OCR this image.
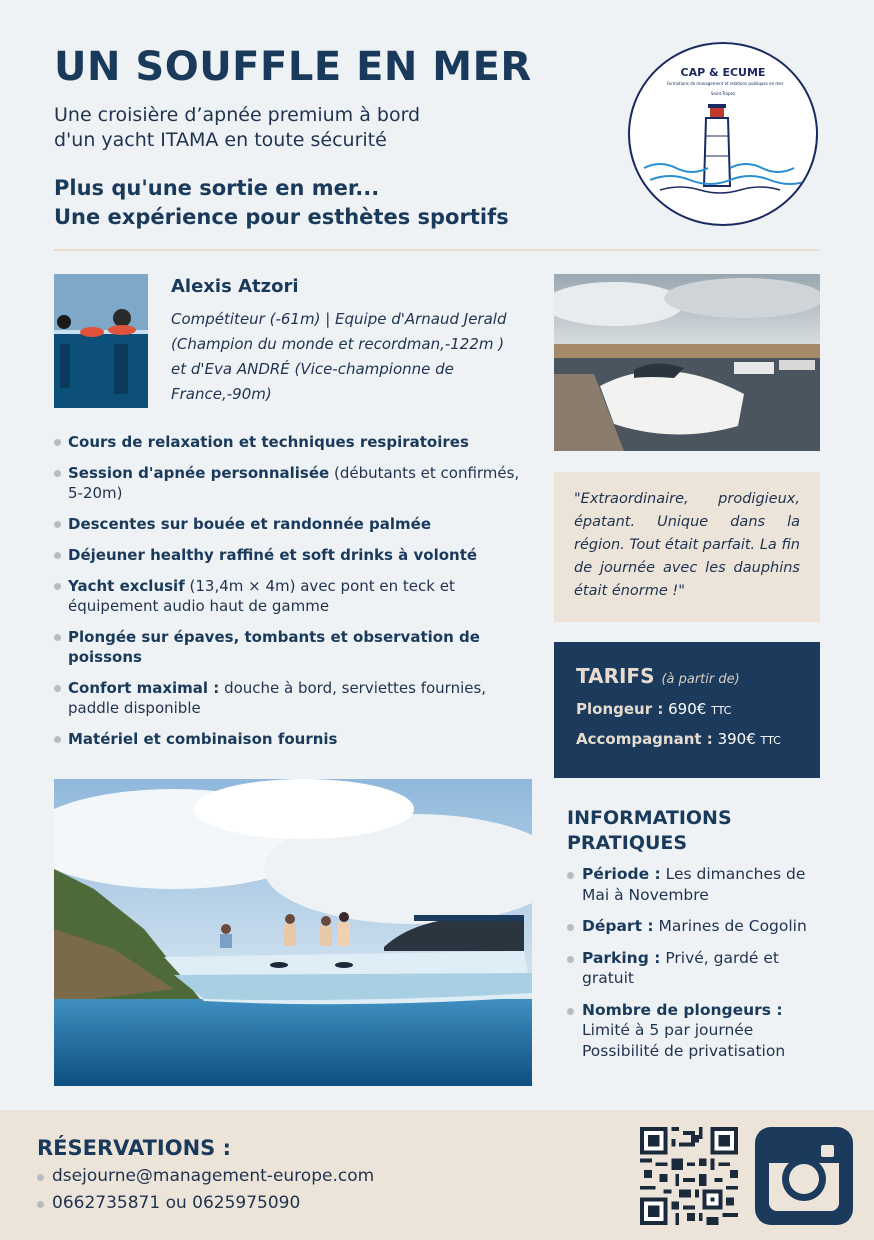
UN SOUFFLE EN MER
Une croisière d’apnée premium à bord
d'un yacht ITAMA en toute sécurité
Plus qu'une sortie en mer...
Une expérience pour esthètes sportifs
CAP & ECUME
Formations de management et relations publiques en mer
Saint-Tropez
Alexis Atzori
Compétiteur (-61m) | Equipe d'Arnaud Jerald (Champion du monde et recordman,-122m ) et d'Eva ANDRÉ (Vice-championne de France,-90m)
Cours de relaxation et techniques respiratoires
Session d'apnée personnalisée (débutants et confirmés, 5-20m)
Descentes sur bouée et randonnée palmée
Déjeuner healthy raffiné et soft drinks à volonté
Yacht exclusif (13,4m × 4m) avec pont en teck et équipement audio haut de gamme
Plongée sur épaves, tombants et observation de poissons
Confort maximal : douche à bord, serviettes fournies, paddle disponible
Matériel et combinaison fournis

"Extraordinaire, prodigieux, épatant. Unique dans la région. Tout était parfait. La fin de journée avec les dauphins était énorme !"

TARIFS (à partir de)
Plongeur : 690€ TTC
Accompagnant : 390€ TTC
INFORMATIONS
PRATIQUES
Période : Les dimanches de Mai à Novembre
Départ : Marines de Cogolin
Parking : Privé, gardé et gratuit
Nombre de plongeurs :
Limité à 5 par journée
Possibilité de privatisation
RÉSERVATIONS :
dsejourne@management-europe.com
0662735871 ou 0625975090
